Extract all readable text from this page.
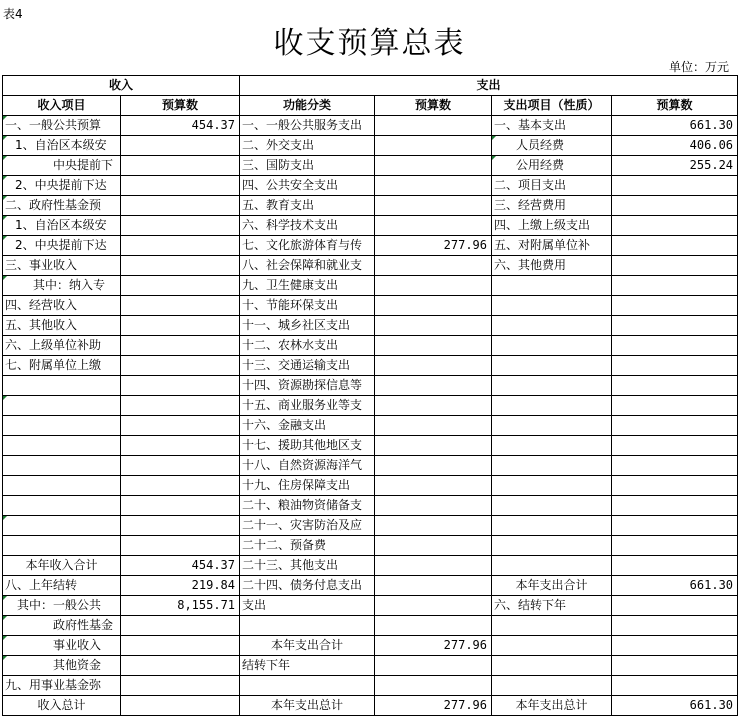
表4
收支预算总表
单位：万元
收入		支出			
收入项目	预算数	功能分类	预算数	支出项目（性质）	预算数
一、一般公共预算	454.37	一、一般公共服务支出		一、基本支出	661.30
1、自治区本级安		二、外交支出		人员经费	406.06
中央提前下		三、国防支出		公用经费	255.24
2、中央提前下达		四、公共安全支出		二、项目支出	
二、政府性基金预		五、教育支出		三、经营费用	
1、自治区本级安		六、科学技术支出		四、上缴上级支出	
2、中央提前下达		七、文化旅游体育与传	277.96	五、对附属单位补	
三、事业收入		八、社会保障和就业支		六、其他费用	
其中：纳入专		九、卫生健康支出			
四、经营收入		十、节能环保支出			
五、其他收入		十一、城乡社区支出			
六、上级单位补助		十二、农林水支出			
七、附属单位上缴		十三、交通运输支出			
		十四、资源勘探信息等			
		十五、商业服务业等支			
		十六、金融支出			
		十七、援助其他地区支			
		十八、自然资源海洋气			
		十九、住房保障支出			
		二十、粮油物资储备支			
		二十一、灾害防治及应			
		二十二、预备费			
本年收入合计	454.37	二十三、其他支出			
八、上年结转	219.84	二十四、债务付息支出		本年支出合计	661.30
其中：一般公共	8,155.71	支出		六、结转下年	
政府性基金					
事业收入		本年支出合计	277.96		
其他资金		结转下年			
九、用事业基金弥					
收入总计		本年支出总计	277.96	本年支出总计	661.30
